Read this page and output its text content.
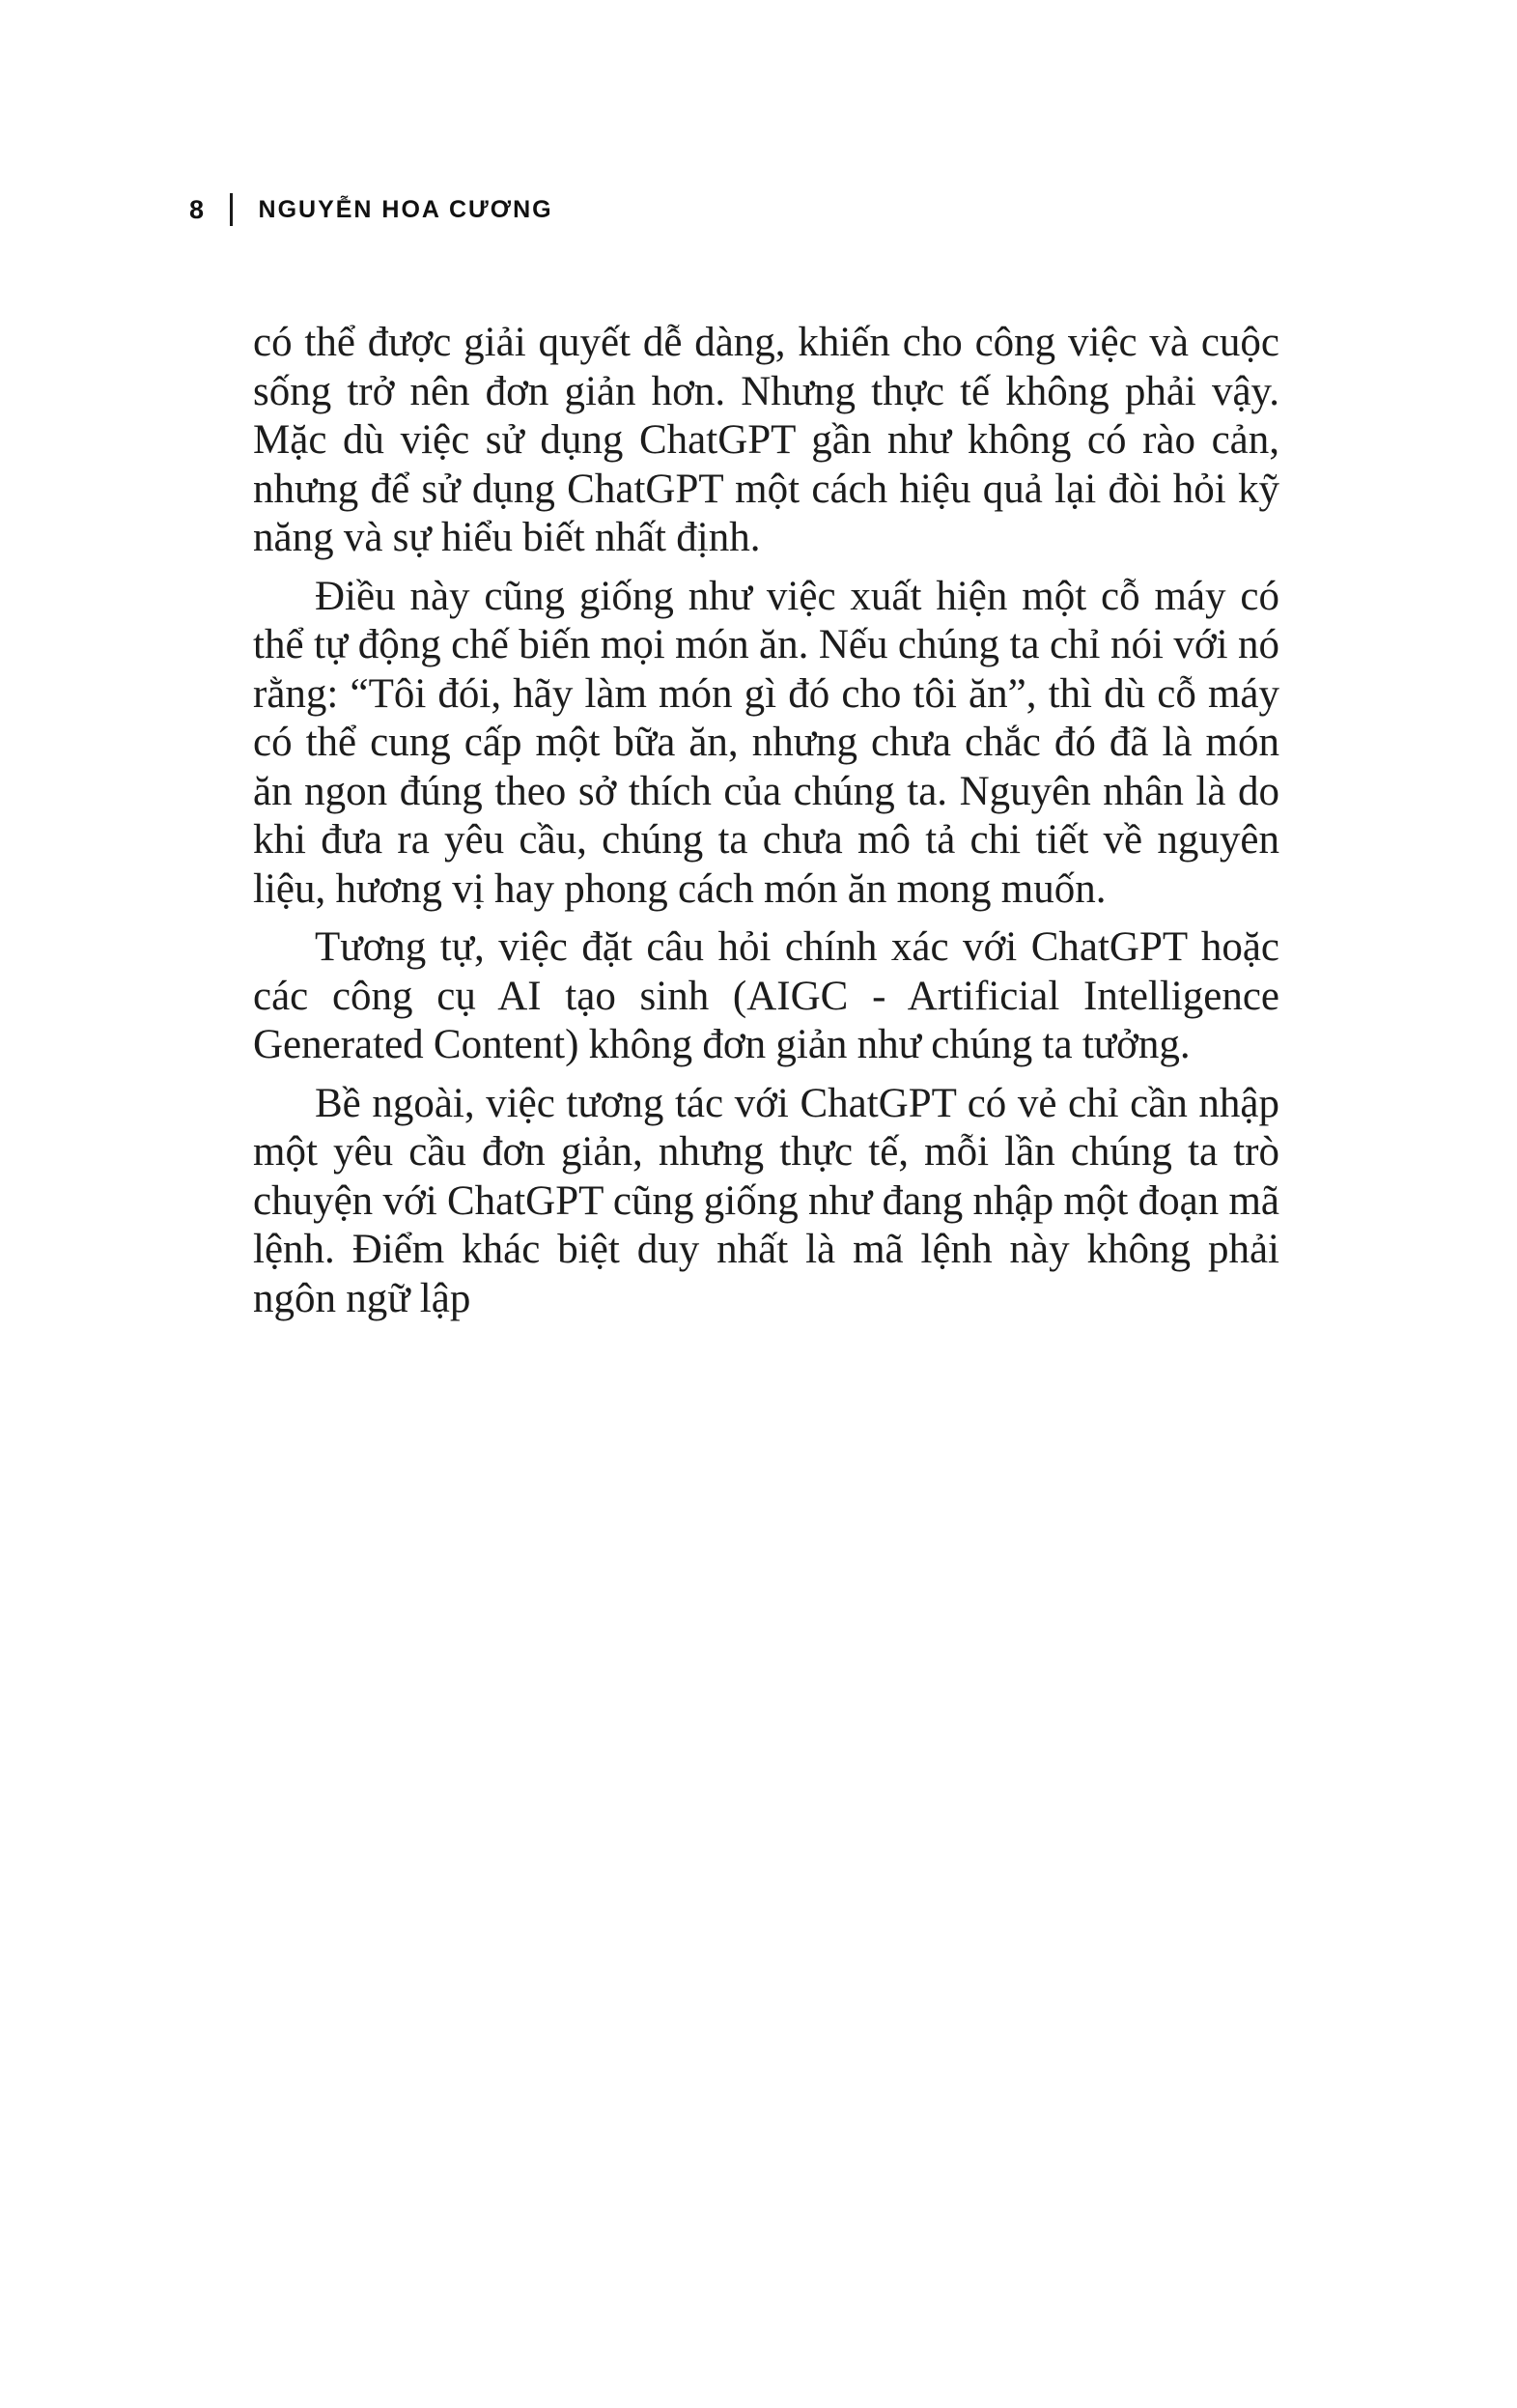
8	NGUYỄN HOA CƯƠNG

có thể được giải quyết dễ dàng, khiến cho công việc và cuộc sống trở nên đơn giản hơn. Nhưng thực tế không phải vậy. Mặc dù việc sử dụng ChatGPT gần như không có rào cản, nhưng để sử dụng ChatGPT một cách hiệu quả lại đòi hỏi kỹ năng và sự hiểu biết nhất định.

Điều này cũng giống như việc xuất hiện một cỗ máy có thể tự động chế biến mọi món ăn. Nếu chúng ta chỉ nói với nó rằng: “Tôi đói, hãy làm món gì đó cho tôi ăn”, thì dù cỗ máy có thể cung cấp một bữa ăn, nhưng chưa chắc đó đã là món ăn ngon đúng theo sở thích của chúng ta. Nguyên nhân là do khi đưa ra yêu cầu, chúng ta chưa mô tả chi tiết về nguyên liệu, hương vị hay phong cách món ăn mong muốn.

Tương tự, việc đặt câu hỏi chính xác với ChatGPT hoặc các công cụ AI tạo sinh (AIGC - Artificial Intelligence Generated Content) không đơn giản như chúng ta tưởng.

Bề ngoài, việc tương tác với ChatGPT có vẻ chỉ cần nhập một yêu cầu đơn giản, nhưng thực tế, mỗi lần chúng ta trò chuyện với ChatGPT cũng giống như đang nhập một đoạn mã lệnh. Điểm khác biệt duy nhất là mã lệnh này không phải ngôn ngữ lập
